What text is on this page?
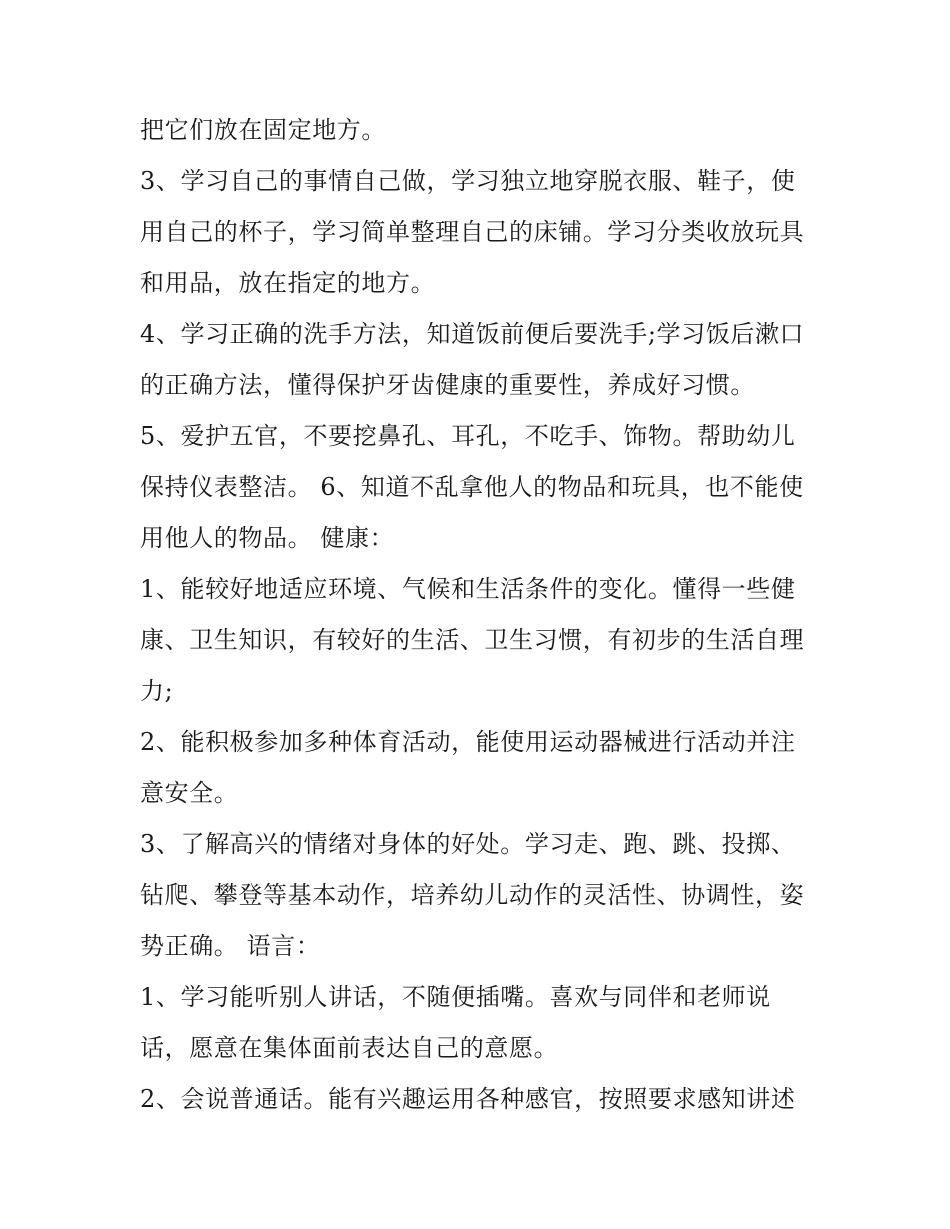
把它们放在固定地方。
3、学习自己的事情自己做，学习独立地穿脱衣服、鞋子，使
用自己的杯子，学习简单整理自己的床铺。学习分类收放玩具
和用品，放在指定的地方。
4、学习正确的洗手方法，知道饭前便后要洗手;学习饭后漱口
的正确方法，懂得保护牙齿健康的重要性，养成好习惯。
5、爱护五官，不要挖鼻孔、耳孔，不吃手、饰物。帮助幼儿
保持仪表整洁。 6、知道不乱拿他人的物品和玩具，也不能使
用他人的物品。 健康：
1、能较好地适应环境、气候和生活条件的变化。懂得一些健
康、卫生知识，有较好的生活、卫生习惯，有初步的生活自理
力;
2、能积极参加多种体育活动，能使用运动器械进行活动并注
意安全。
3、了解高兴的情绪对身体的好处。学习走、跑、跳、投掷、
钻爬、攀登等基本动作，培养幼儿动作的灵活性、协调性，姿
势正确。 语言：
1、学习能听别人讲话，不随便插嘴。喜欢与同伴和老师说
话，愿意在集体面前表达自己的意愿。
2、会说普通话。能有兴趣运用各种感官，按照要求感知讲述
